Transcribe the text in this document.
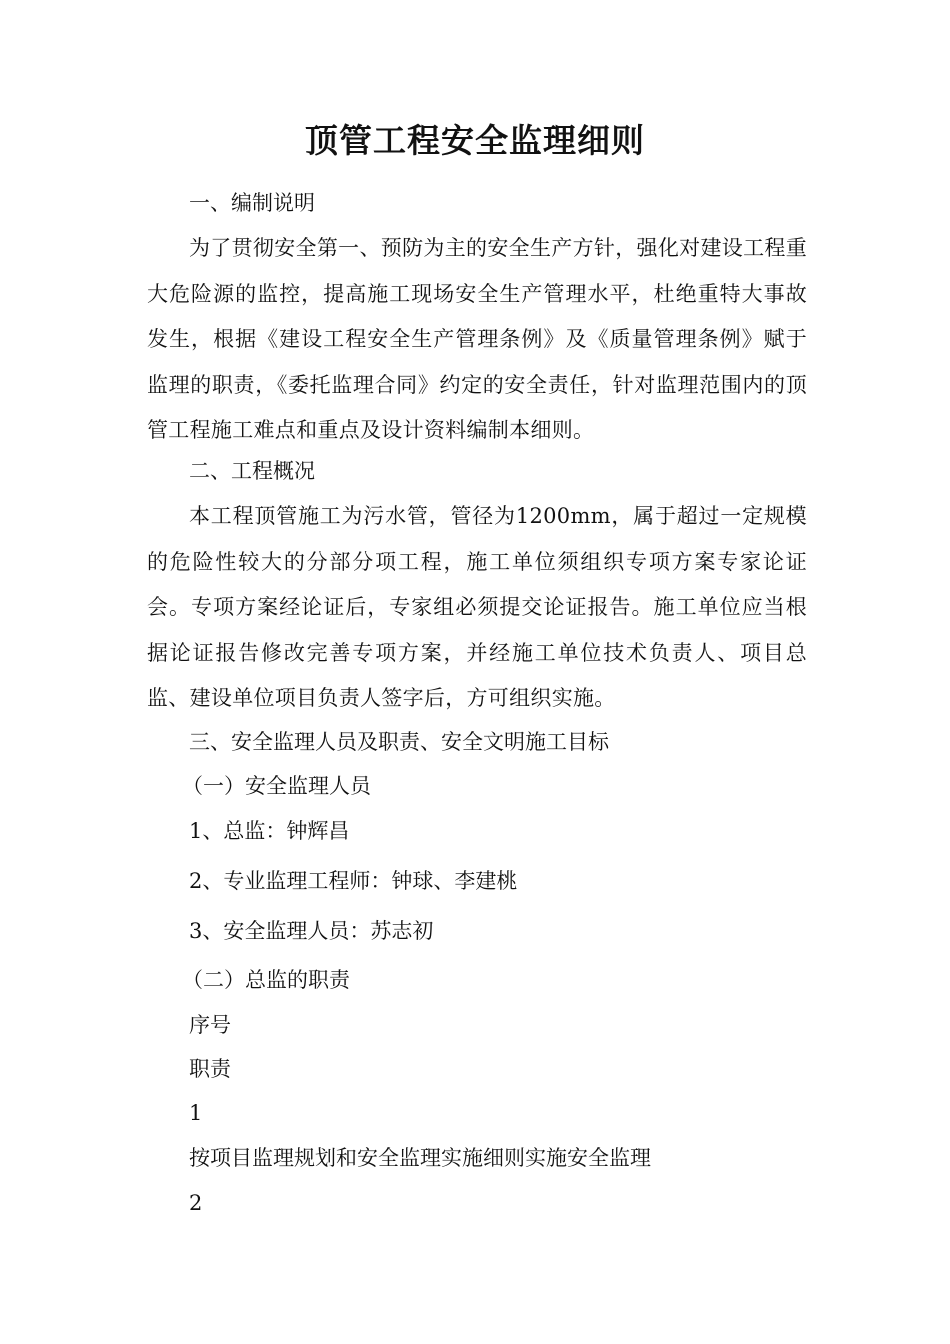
顶管工程安全监理细则
一、编制说明
为了贯彻安全第一、预防为主的安全生产方针，强化对建设工程重大危险源的监控，提高施工现场安全生产管理水平，杜绝重特大事故发生，根据《建设工程安全生产管理条例》及《质量管理条例》赋于监理的职责，《委托监理合同》约定的安全责任，针对监理范围内的顶管工程施工难点和重点及设计资料编制本细则。
二、工程概况
本工程顶管施工为污水管，管径为1200mm，属于超过一定规模的危险性较大的分部分项工程，施工单位须组织专项方案专家论证会。专项方案经论证后，专家组必须提交论证报告。施工单位应当根据论证报告修改完善专项方案，并经施工单位技术负责人、项目总监、建设单位项目负责人签字后，方可组织实施。
三、安全监理人员及职责、安全文明施工目标
（一）安全监理人员
1、总监：钟辉昌
2、专业监理工程师：钟球、李建桃
3、安全监理人员：苏志初
（二）总监的职责
序号
职责
1
按项目监理规划和安全监理实施细则实施安全监理
2
